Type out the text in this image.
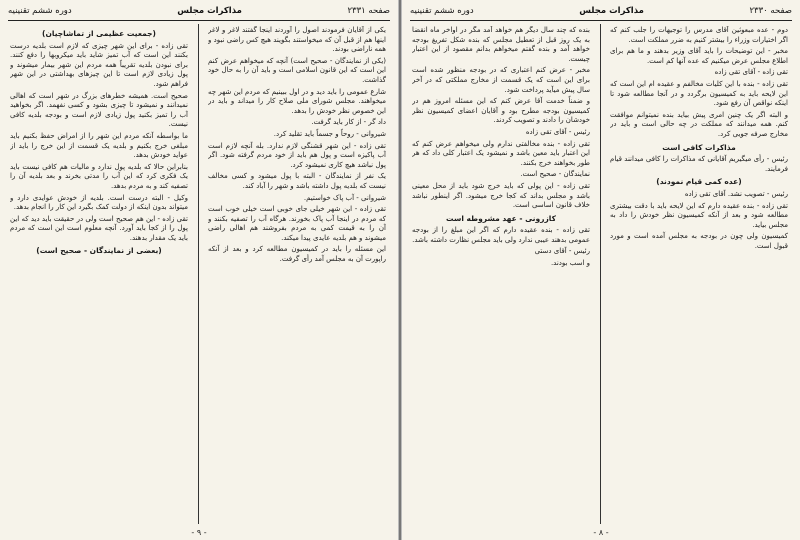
صفحه ۲۳۳۱
مذاکرات مجلس
دوره ششم تقنینیه

(جمعیت عظیمی از تماشاچیان)

تقی زاده - برای این شهر چیزی که لازم است بلدیه درست بکنند این است که آب تمیز شاید باید میکروبها را دفع کنند. برای نبودن بلدیه تقریباً همه مردم این شهر بیمار میشوند و پول زیادی لازم است تا این چیزهای بهداشتی در این شهر فراهم شود.

صحیح است. همیشه خطرهای بزرگ در شهر است که اهالی نمیدانند و نمیشود تا چیزی بشود و کسی نفهمد. اگر بخواهید آب را تمیز بکنید پول زیادی لازم است و بودجه بلدیه کافی نیست.

ما بواسطه آنکه مردم این شهر را از امراض حفظ بکنیم باید مبلغی خرج بکنیم و بلدیه یک قسمت از این خرج را باید از عواید خودش بدهد.

بنابراین حالا که بلدیه پول ندارد و مالیات هم کافی نیست باید یک فکری کرد که این آب را مدتی بخرند و بعد بلدیه آن را تصفیه کند و به مردم بدهد.

وکیل - البته درست است. بلدیه از خودش عوایدی دارد و میتواند بدون اینکه از دولت کمک بگیرد این کار را انجام بدهد.

تقی زاده - این هم صحیح است ولی در حقیقت باید دید که این پول را از کجا باید آورد. آنچه معلوم است این است که مردم باید یک مقدار بدهند.

(بعضی از نمایندگان - صحیح است)

یکی از آقایان فرمودند اصول را آوردند اینجا گفتند لاغر و لاغر اینها هم از قبل آن که میخواستند بگویند هیچ کس راضی نبود و همه ناراضی بودند.

(یکی از نمایندگان - صحیح است) آنچه که میخواهم عرض کنم این است که این قانون اسلامی است و باید آن را به حال خود گذاشت.

شارع عمومی را باید دید و در اول ببینیم که مردم این شهر چه میخواهند. مجلس شورای ملی صلاح کار را میداند و باید در این خصوص نظر خودش را بدهد.

داد گر - از کار باید گرفت.

شیروانی - روحاً و جسماً باید تقلید کرد.

تقی زاده - این شهر قشنگی لازم ندارد. بله آنچه لازم است آب پاکیزه است و پول هم باید از خود مردم گرفته شود. اگر پول نباشد هیچ کاری نمیشود کرد.

یک نفر از نمایندگان - البته با پول میشود و کسی مخالف نیست که بلدیه پول داشته باشد و شهر را آباد کند.

شیروانی - آب پاک خواستیم.

تقی زاده - این شهر خیلی جای خوبی است خیلی خوب است که مردم در اینجا آب پاک بخورند. هرگاه آب را تصفیه بکنند و آن را به قیمت کمی به مردم بفروشند هم اهالی راضی میشوند و هم بلدیه عایدی پیدا میکند.

این مسئله را باید در کمیسیون مطالعه کرد و بعد از آنکه راپورت آن به مجلس آمد رأی گرفت.

- ۹ -
صفحه ۲۳۳۰
مذاکرات مجلس
دوره ششم تقنینیه

بنده که چند سال دیگر هم خواهد آمد مگر در اواخر ماه انقضا به یک روز قبل از تعطیل مجلس که بنده شکل تفریغ بودجه خواهد آمد و بنده گفتم میخواهم بدانم مقصود از این اعتبار چیست.

مخبر - عرض کنم اعتباری که در بودجه منظور شده است برای این است که یک قسمت از مخارج مملکتی که در آخر سال پیش میآید پرداخت شود.

و ضمناً خدمت آقا عرض کنم که این مسئله امروز هم در کمیسیون بودجه مطرح بود و آقایان اعضای کمیسیون نظر خودشان را دادند و تصویب کردند.

رئیس - آقای تقی زاده

تقی زاده - بنده مخالفتی ندارم ولی میخواهم عرض کنم که این اعتبار باید معین باشد و نمیشود یک اعتبار کلی داد که هر طور بخواهند خرج بکنند.

نمایندگان - صحیح است.

تقی زاده - این پولی که باید خرج شود باید از محل معینی باشد و مجلس بداند که کجا خرج میشود. اگر اینطور نباشد خلاف قانون اساسی است.

کازرونی - عهد مشروطه است

تقی زاده - بنده عقیده دارم که اگر این مبلغ را از بودجه عمومی بدهند عیبی ندارد ولی باید مجلس نظارت داشته باشد.

رئیس - آقای دستی

و اسب بودند.

دوم - عده مبعوثین آقای مدرس را توجیهات را جلب کنم که اگر اختیارات وزراء را بیشتر کنیم به ضرر مملکت است.

مخبر - این توضیحات را باید آقای وزیر بدهند و ما هم برای اطلاع مجلس عرض میکنیم که عده آنها کم است.

تقی زاده - آقای تقی زاده

تقی زاده - بنده با این کلیات مخالفم و عقیده ام این است که این لایحه باید به کمیسیون برگردد و در آنجا مطالعه شود تا اینکه نواقص آن رفع شود.

و البته اگر یک چنین امری پیش بیاید بنده نمیتوانم موافقت کنم. همه میدانند که مملکت در چه حالی است و باید در مخارج صرفه جویی کرد.

مذاکرات کافی است

رئیس - رأی میگیریم آقایانی که مذاکرات را کافی میدانند قیام فرمایند.

(عده کمی قیام نمودند)

رئیس - تصویب نشد. آقای تقی زاده

تقی زاده - بنده عقیده دارم که این لایحه باید با دقت بیشتری مطالعه شود و بعد از آنکه کمیسیون نظر خودش را داد به مجلس بیاید.

کمیسیون ولی چون در بودجه به مجلس آمده است و مورد قبول است.

- ۸ -
